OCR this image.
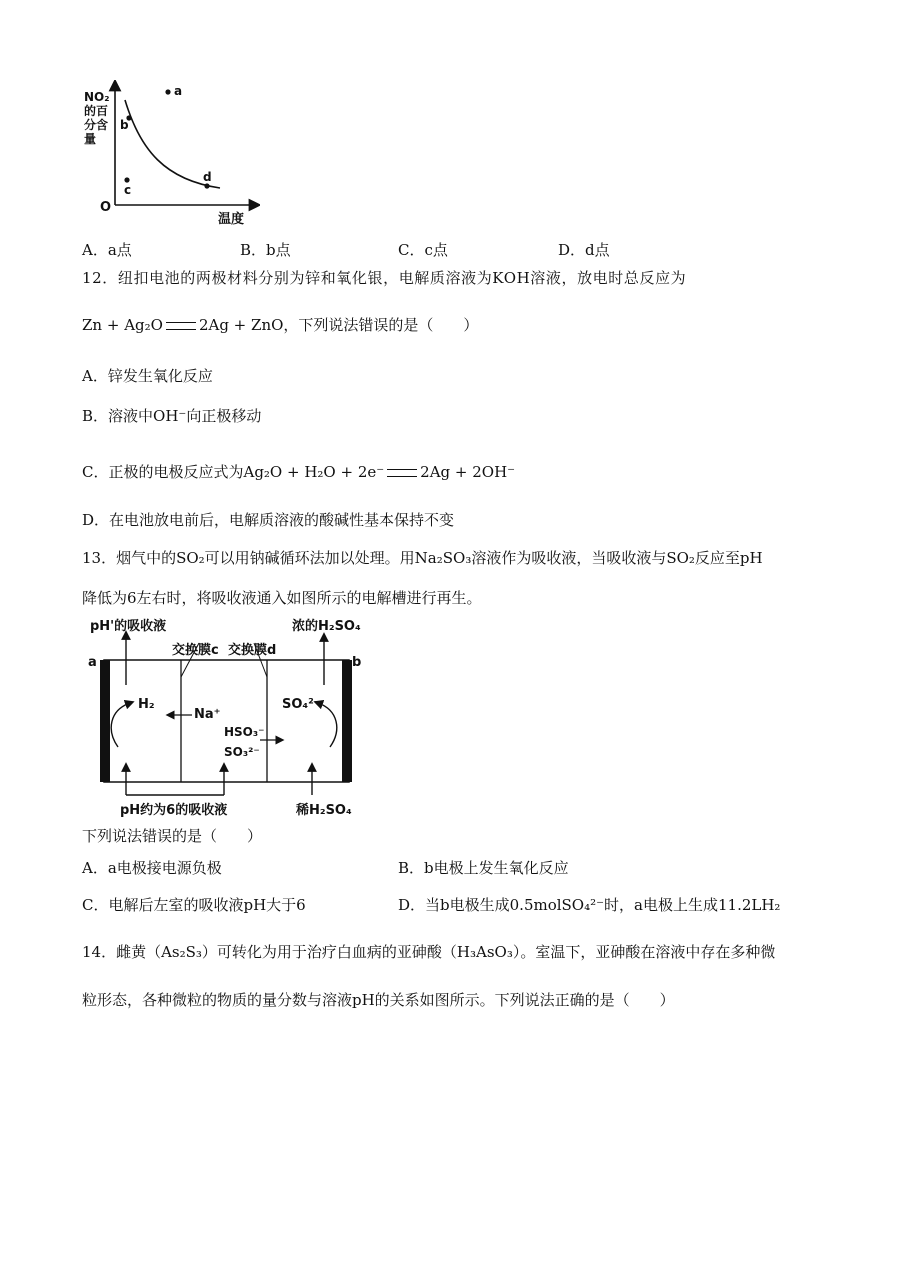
NO₂
的百
分含
量
O
温度
a
b
c
d
A．a点	B．b点	C．c点	D．d点
12．纽扣电池的两极材料分别为锌和氧化银，电解质溶液为KOH溶液，放电时总反应为
Zn + Ag₂O 2Ag + ZnO，下列说法错误的是（　　）
A．锌发生氧化反应
B．溶液中OH⁻向正极移动
C．正极的电极反应式为Ag₂O + H₂O + 2e⁻ 2Ag + 2OH⁻
D．在电池放电前后，电解质溶液的酸碱性基本保持不变
13．烟气中的SO₂可以用钠碱循环法加以处理。用Na₂SO₃溶液作为吸收液，当吸收液与SO₂反应至pH
降低为6左右时，将吸收液通入如图所示的电解槽进行再生。
pH'的吸收液	浓的H₂SO₄
交换膜c 交换膜d
a	b
H₂
Na⁺
HSO₃⁻
SO₃²⁻
SO₄²⁻
pH约为6的吸收液	稀H₂SO₄
下列说法错误的是（　　）
A．a电极接电源负极	B．b电极上发生氧化反应
C．电解后左室的吸收液pH大于6	D．当b电极生成0.5molSO₄²⁻时，a电极上生成11.2LH₂
14．雌黄（As₂S₃）可转化为用于治疗白血病的亚砷酸（H₃AsO₃）。室温下，亚砷酸在溶液中存在多种微
粒形态，各种微粒的物质的量分数与溶液pH的关系如图所示。下列说法正确的是（　　）
